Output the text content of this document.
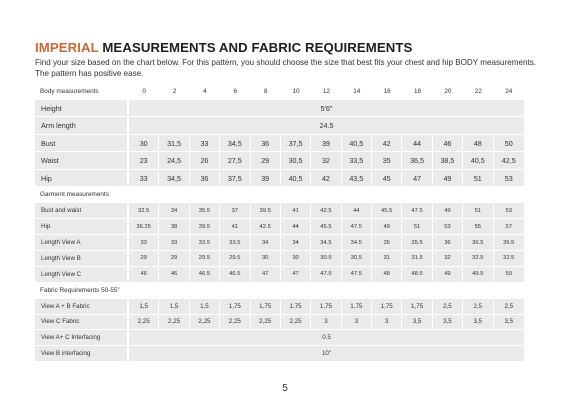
IMPERIAL MEASUREMENTS AND FABRIC REQUIREMENTS

Find your size based on the chart below. For this pattern, you should choose the size that best fits your chest and hip BODY measurements. The pattern has positive ease.

Body measurements	0	2	4	6	8	10	12	14	16	18	20	22	24
Height	5'6"												
Arm length	24.5												
Bust	30	31,5	33	34,5	36	37,5	39	40,5	42	44	46	48	50
Waist	23	24,5	26	27,5	29	30,5	32	33,5	35	36,5	38,5	40,5	42,5
Hip	33	34,5	36	37,5	39	40,5	42	43,5	45	47	49	51	53
Garment measurements													
Bust and waist	32.5	34	35.5	37	39.5	41	42.5	44	45.5	47.5	49	51	53
Hip	36.25	38	39.5	41	42.5	44	45.5	47.5	49	51	53	55	57
Length View A	33	33	33.5	33.5	34	34	34.5	34.5	35	35.5	36	36.5	36.5
Length View B	29	29	29.5	29.5	30	30	30.5	30,5	31	31.5	32	32.5	32.5
Length View C	46	46	46.5	46.5	47	47	47.5	47.5	48	48.5	49	49.5	50
Fabric Requirements 50-55"													
View A + B Fabric	1,5	1,5	1,5	1,75	1,75	1,75	1,75	1,75	1,75	1,75	2,5	2,5	2,5
View C Fabric	2,25	2,25	2,25	2,25	2,25	2,25	3	3	3	3,5	3,5	3,5	3,5
View A+ C Interfacing	0.5												
View B interfacing	10"												
5
